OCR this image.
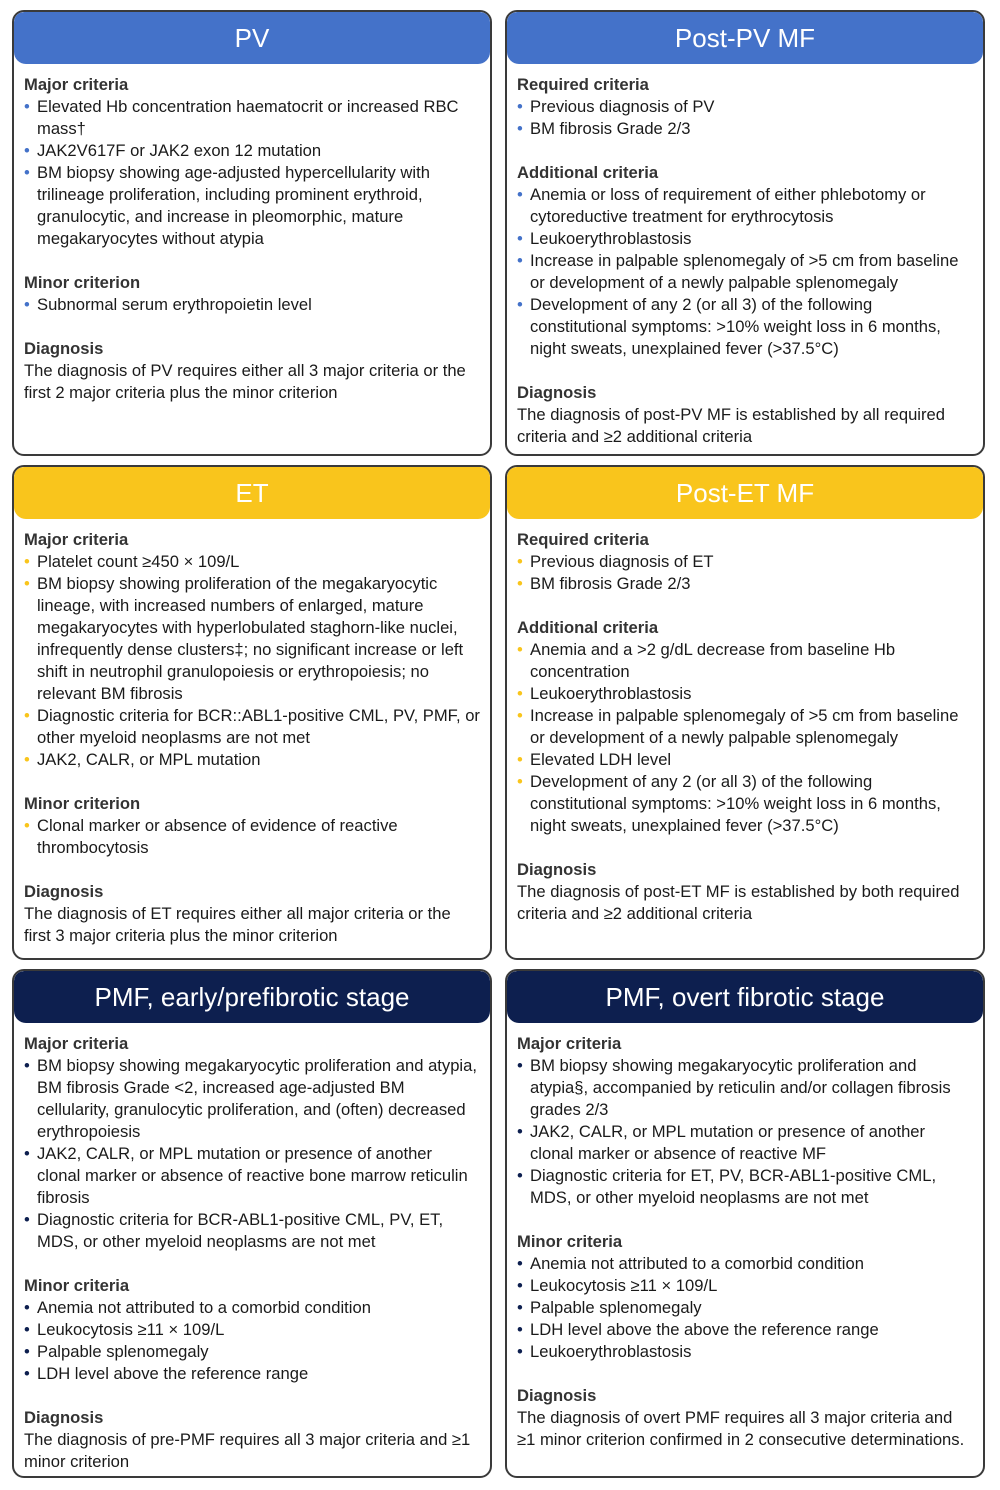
PV
Major criteria
• Elevated Hb concentration haematocrit or increased RBC mass†
• JAK2V617F or JAK2 exon 12 mutation
• BM biopsy showing age-adjusted hypercellularity with trilineage proliferation, including prominent erythroid, granulocytic, and increase in pleomorphic, mature megakaryocytes without atypia
Minor criterion
• Subnormal serum erythropoietin level
Diagnosis
The diagnosis of PV requires either all 3 major criteria or the first 2 major criteria plus the minor criterion
Post-PV MF
Required criteria
• Previous diagnosis of PV
• BM fibrosis Grade 2/3
Additional criteria
• Anemia or loss of requirement of either phlebotomy or cytoreductive treatment for erythrocytosis
• Leukoerythroblastosis
• Increase in palpable splenomegaly of >5 cm from baseline or development of a newly palpable splenomegaly
• Development of any 2 (or all 3) of the following constitutional symptoms: >10% weight loss in 6 months, night sweats, unexplained fever (>37.5°C)
Diagnosis
The diagnosis of post-PV MF is established by all required criteria and ≥2 additional criteria
ET
Major criteria
• Platelet count ≥450 × 109/L
• BM biopsy showing proliferation of the megakaryocytic lineage, with increased numbers of enlarged, mature megakaryocytes with hyperlobulated staghorn-like nuclei, infrequently dense clusters‡; no significant increase or left shift in neutrophil granulopoiesis or erythropoiesis; no relevant BM fibrosis
• Diagnostic criteria for BCR::ABL1-positive CML, PV, PMF, or other myeloid neoplasms are not met
• JAK2, CALR, or MPL mutation
Minor criterion
• Clonal marker or absence of evidence of reactive thrombocytosis
Diagnosis
The diagnosis of ET requires either all major criteria or the first 3 major criteria plus the minor criterion
Post-ET MF
Required criteria
• Previous diagnosis of ET
• BM fibrosis Grade 2/3
Additional criteria
• Anemia and a >2 g/dL decrease from baseline Hb concentration
• Leukoerythroblastosis
• Increase in palpable splenomegaly of >5 cm from baseline or development of a newly palpable splenomegaly
• Elevated LDH level
• Development of any 2 (or all 3) of the following constitutional symptoms: >10% weight loss in 6 months, night sweats, unexplained fever (>37.5°C)
Diagnosis
The diagnosis of post-ET MF is established by both required criteria and ≥2 additional criteria
PMF, early/prefibrotic stage
Major criteria
• BM biopsy showing megakaryocytic proliferation and atypia, BM fibrosis Grade <2, increased age-adjusted BM cellularity, granulocytic proliferation, and (often) decreased erythropoiesis
• JAK2, CALR, or MPL mutation or presence of another clonal marker or absence of reactive bone marrow reticulin fibrosis
• Diagnostic criteria for BCR-ABL1-positive CML, PV, ET, MDS, or other myeloid neoplasms are not met
Minor criteria
• Anemia not attributed to a comorbid condition
• Leukocytosis ≥11 × 109/L
• Palpable splenomegaly
• LDH level above the reference range
Diagnosis
The diagnosis of pre-PMF requires all 3 major criteria and ≥1 minor criterion
PMF, overt fibrotic stage
Major criteria
• BM biopsy showing megakaryocytic proliferation and atypia§, accompanied by reticulin and/or collagen fibrosis grades 2/3
• JAK2, CALR, or MPL mutation or presence of another clonal marker or absence of reactive MF
• Diagnostic criteria for ET, PV, BCR-ABL1-positive CML, MDS, or other myeloid neoplasms are not met
Minor criteria
• Anemia not attributed to a comorbid condition
• Leukocytosis ≥11 × 109/L
• Palpable splenomegaly
• LDH level above the above the reference range
• Leukoerythroblastosis
Diagnosis
The diagnosis of overt PMF requires all 3 major criteria and ≥1 minor criterion confirmed in 2 consecutive determinations.
